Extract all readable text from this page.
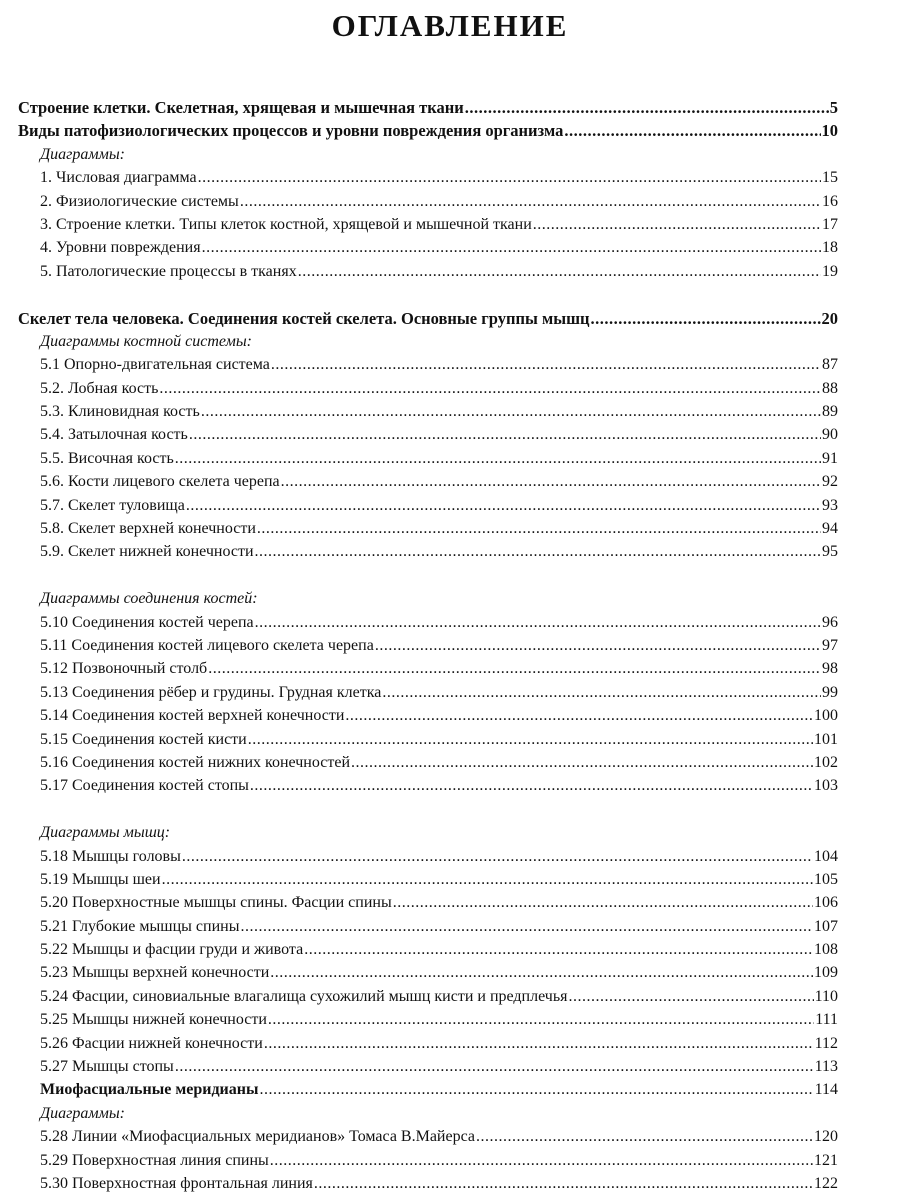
ОГЛАВЛЕНИЕ
Строение клетки. Скелетная, хрящевая и мышечная ткани .....	.5
Виды патофизиологических процессов и уровни повреждения организма .....	10
Диаграммы:
1. Числовая диаграмма .....	15
2. Физиологические системы .....	16
3. Строение клетки. Типы клеток костной, хрящевой и мышечной ткани .....	17
4. Уровни повреждения .....	18
5. Патологические процессы в тканях .....	19
Скелет тела человека. Соединения костей скелета. Основные группы мышц .....	20
Диаграммы костной системы:
5.1 Опорно-двигательная система .....	87
5.2. Лобная кость .....	88
5.3. Клиновидная кость .....	89
5.4. Затылочная кость .....	90
5.5. Височная кость .....	91
5.6. Кости лицевого скелета черепа .....	92
5.7. Скелет туловища .....	93
5.8. Скелет верхней конечности .....	94
5.9. Скелет нижней конечности .....	95
Диаграммы соединения костей:
5.10 Соединения костей черепа .....	96
5.11 Соединения костей лицевого скелета черепа .....	97
5.12 Позвоночный столб .....	98
5.13 Соединения рёбер и грудины. Грудная клетка .....	99
5.14 Соединения костей верхней конечности .....	100
5.15 Соединения костей кисти .....	101
5.16 Соединения костей нижних конечностей .....	102
5.17 Соединения костей стопы .....	103
Диаграммы мышц:
5.18 Мышцы головы .....	104
5.19 Мышцы шеи .....	105
5.20 Поверхностные мышцы спины. Фасции спины .....	106
5.21 Глубокие мышцы спины .....	107
5.22 Мышцы и фасции груди и живота .....	108
5.23 Мышцы верхней конечности .....	109
5.24 Фасции, синовиальные влагалища сухожилий мышц кисти и предплечья .....	110
5.25 Мышцы нижней конечности .....	111
5.26 Фасции нижней конечности .....	112
5.27 Мышцы стопы .....	113
Миофасциальные меридианы .....	114
Диаграммы:
5.28 Линии «Миофасциальных меридианов» Томаса В.Майерса .....	120
5.29 Поверхностная линия спины .....	121
5.30 Поверхностная фронтальная линия .....	122
